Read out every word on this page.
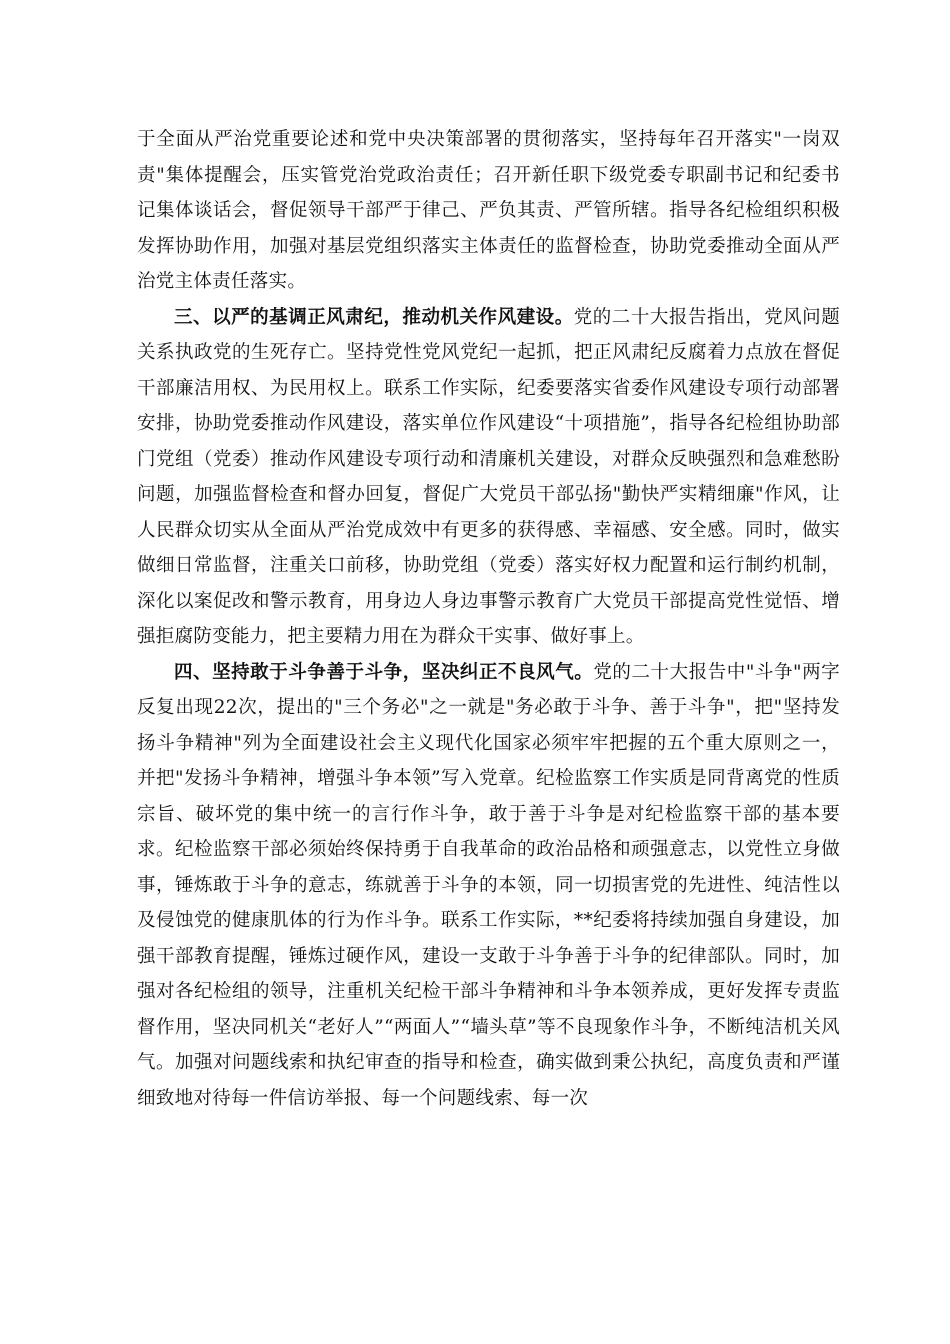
于全面从严治党重要论述和党中央决策部署的贯彻落实，坚持每年召开落实"一岗双责"集体提醒会，压实管党治党政治责任；召开新任职下级党委专职副书记和纪委书记集体谈话会，督促领导干部严于律己、严负其责、严管所辖。指导各纪检组织积极发挥协助作用，加强对基层党组织落实主体责任的监督检查，协助党委推动全面从严治党主体责任落实。

三、以严的基调正风肃纪，推动机关作风建设。党的二十大报告指出，党风问题关系执政党的生死存亡。坚持党性党风党纪一起抓，把正风肃纪反腐着力点放在督促干部廉洁用权、为民用权上。联系工作实际，纪委要落实省委作风建设专项行动部署安排，协助党委推动作风建设，落实单位作风建设“十项措施”，指导各纪检组协助部门党组（党委）推动作风建设专项行动和清廉机关建设，对群众反映强烈和急难愁盼问题，加强监督检查和督办回复，督促广大党员干部弘扬"勤快严实精细廉"作风，让人民群众切实从全面从严治党成效中有更多的获得感、幸福感、安全感。同时，做实做细日常监督，注重关口前移，协助党组（党委）落实好权力配置和运行制约机制，深化以案促改和警示教育，用身边人身边事警示教育广大党员干部提高党性觉悟、增强拒腐防变能力，把主要精力用在为群众干实事、做好事上。

四、坚持敢于斗争善于斗争，坚决纠正不良风气。党的二十大报告中"斗争"两字反复出现22次，提出的"三个务必"之一就是"务必敢于斗争、善于斗争"，把"坚持发扬斗争精神"列为全面建设社会主义现代化国家必须牢牢把握的五个重大原则之一，并把"发扬斗争精神，增强斗争本领”写入党章。纪检监察工作实质是同背离党的性质宗旨、破坏党的集中统一的言行作斗争，敢于善于斗争是对纪检监察干部的基本要求。纪检监察干部必须始终保持勇于自我革命的政治品格和顽强意志，以党性立身做事，锤炼敢于斗争的意志，练就善于斗争的本领，同一切损害党的先进性、纯洁性以及侵蚀党的健康肌体的行为作斗争。联系工作实际，**纪委将持续加强自身建设，加强干部教育提醒，锤炼过硬作风，建设一支敢于斗争善于斗争的纪律部队。同时，加强对各纪检组的领导，注重机关纪检干部斗争精神和斗争本领养成，更好发挥专责监督作用，坚决同机关“老好人”“两面人”“墙头草”等不良现象作斗争，不断纯洁机关风气。加强对问题线索和执纪审查的指导和检查，确实做到秉公执纪，高度负责和严谨细致地对待每一件信访举报、每一个问题线索、每一次
